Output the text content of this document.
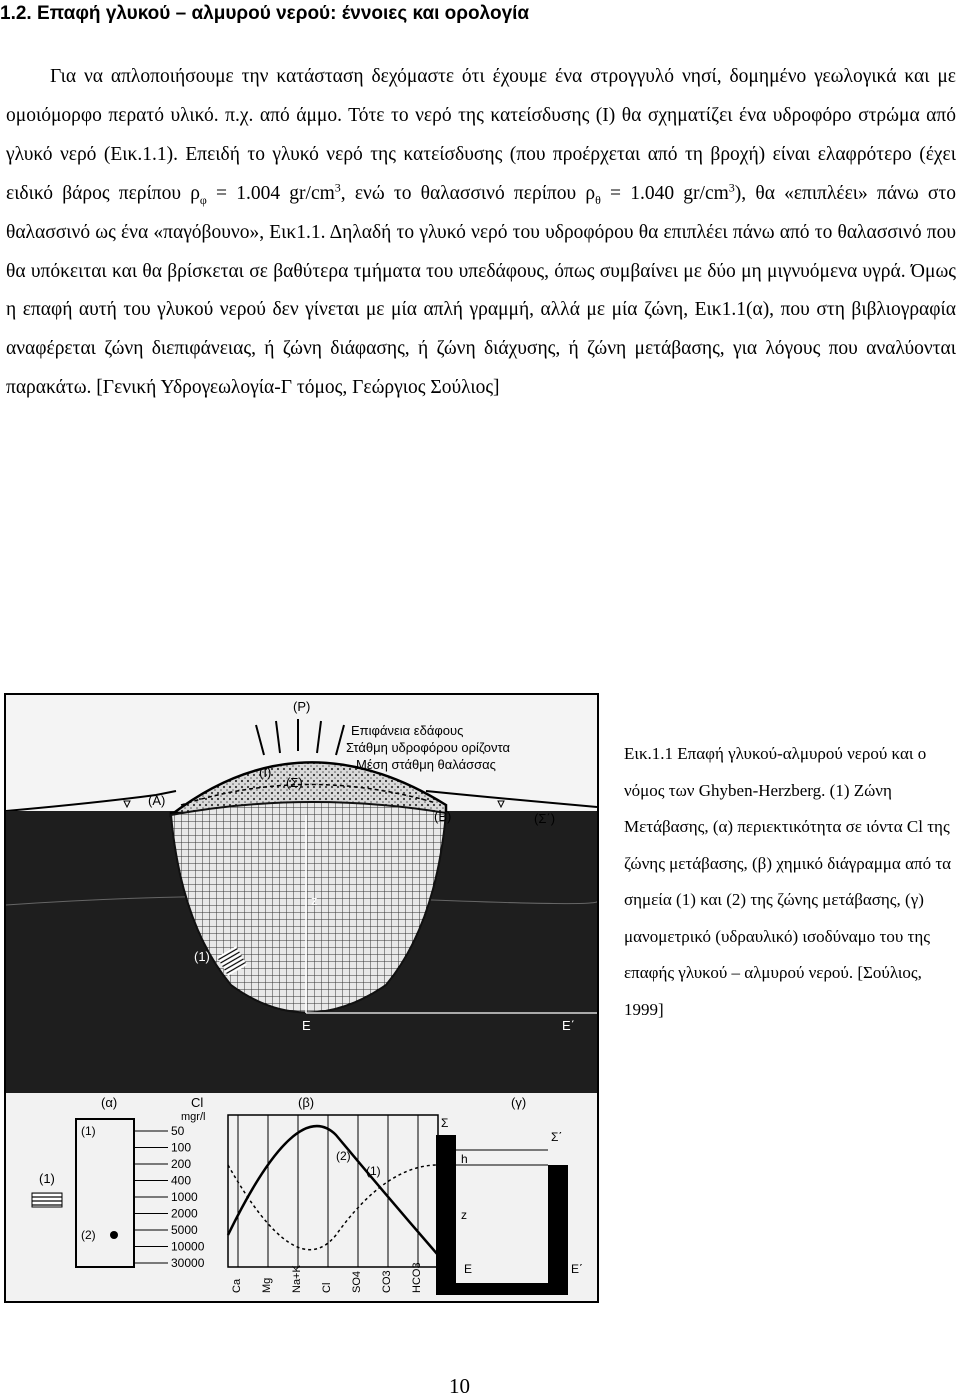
1.2. Επαφή γλυκού – αλμυρού νερού: έννοιες και ορολογία

Για να απλοποιήσουμε την κατάσταση δεχόμαστε ότι έχουμε ένα στρογγυλό νησί, δομημένο γεωλογικά και με ομοιόμορφο περατό υλικό. π.χ. από άμμο. Τότε το νερό της κατείσδυσης (Ι) θα σχηματίζει ένα υδροφόρο στρώμα από γλυκό νερό (Εικ.1.1). Επειδή το γλυκό νερό της κατείσδυσης (που προέρχεται από τη βροχή) είναι ελαφρότερο (έχει ειδικό βάρος περίπου $\rho_\varphi = 1.004$ $gr/cm^3$, ενώ το θαλασσινό περίπου $\rho_\theta = 1.040$ $gr/cm^3$), θα «επιπλέει» πάνω στο θαλασσινό ως ένα «παγόβουνο», Εικ1.1. Δηλαδή το γλυκό νερό του υδροφόρου θα επιπλέει πάνω από το θαλασσινό που θα υπόκειται και θα βρίσκεται σε βαθύτερα τμήματα του υπεδάφους, όπως συμβαίνει με δύο μη μιγνυόμενα υγρά. Όμως η επαφή αυτή του γλυκού νερού δεν γίνεται με μία απλή γραμμή, αλλά με μία ζώνη, Εικ1.1(α), που στη βιβλιογραφία αναφέρεται ζώνη διεπιφάνειας, ή ζώνη διάφασης, ή ζώνη διάχυσης, ή ζώνη μετάβασης, για λόγους που αναλύονται παρακάτω. [Γενική Υδρογεωλογία-Γ τόμος, Γεώργιος Σούλιος]

(P)
Επιφάνεια εδάφους
Στάθμη υδροφόρου ορίζοντα
Μέση στάθμη θαλάσσας
(I)
(Σ)
(A)
(B)	(Σ΄)
z
E	E΄
(1)
(α)	Cl
mgr/l
50
100
200
400
1000
2000
5000
10000
30000
(1)
(2)
(1)
(β)
(1)
(2)
Ca Mg Na+K Cl SO4 CO3 HCO3
(γ)
Σ
Σ΄
h
z
E	E΄

Εικ.1.1 Επαφή γλυκού-αλμυρού νερού και ο νόμος των Ghyben-Herzberg. (1) Ζώνη Μετάβασης, (α) περιεκτικότητα σε ιόντα Cl της ζώνης μετάβασης, (β) χημικό διάγραμμα από τα σημεία (1) και (2) της ζώνης μετάβασης, (γ) μανομετρικό (υδραυλικό) ισοδύναμο του της επαφής γλυκού – αλμυρού νερού. [Σούλιος, 1999]

10
